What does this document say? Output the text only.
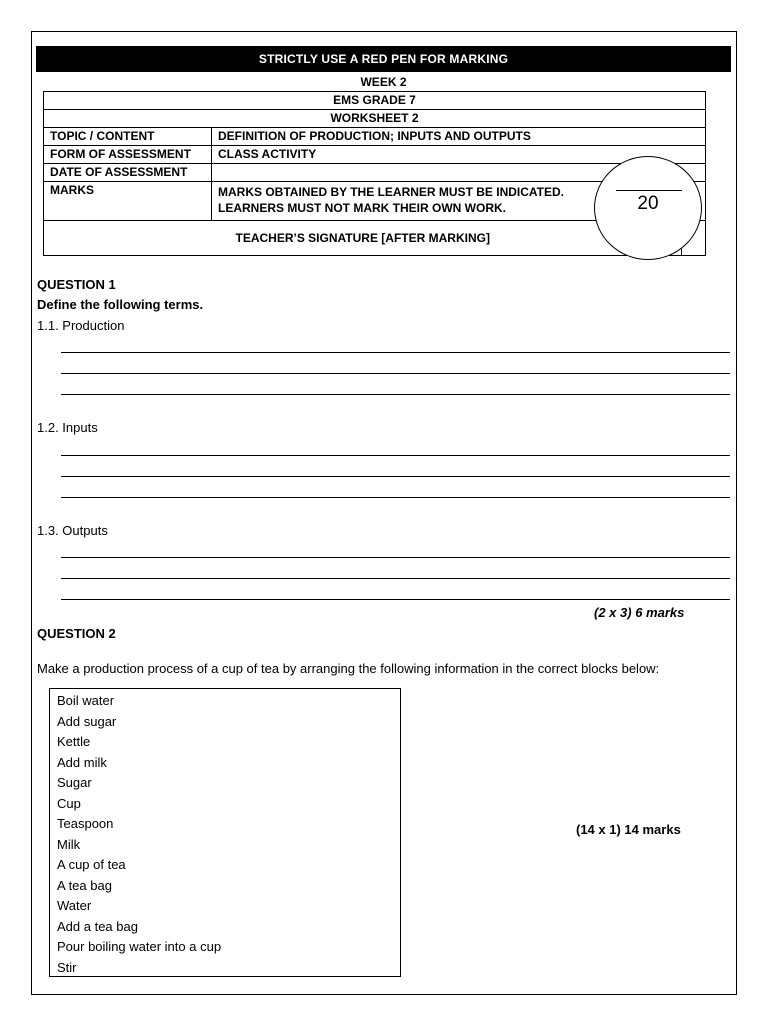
STRICTLY USE A RED PEN FOR MARKING
WEEK 2
EMS GRADE 7		
WORKSHEET 2		
TOPIC / CONTENT	DEFINITION OF PRODUCTION; INPUTS AND OUTPUTS	
FORM OF ASSESSMENT	CLASS ACTIVITY	
DATE OF ASSESSMENT		
MARKS	MARKS OBTAINED BY THE LEARNER MUST BE INDICATED.
LEARNERS MUST NOT MARK THEIR OWN WORK.	

TEACHER’S SIGNATURE [AFTER MARKING]		
20
QUESTION 1
Define the following terms.
1.1. Production
1.2. Inputs
1.3. Outputs
(2 x 3) 6 marks
QUESTION 2
Make a production process of a cup of tea by arranging the following information in the correct blocks below:
Boil water
Add sugar
Kettle
Add milk
Sugar
Cup
Teaspoon
Milk
A cup of tea
A tea bag
Water
Add a tea bag
Pour boiling water into a cup
Stir
(14 x 1) 14 marks
